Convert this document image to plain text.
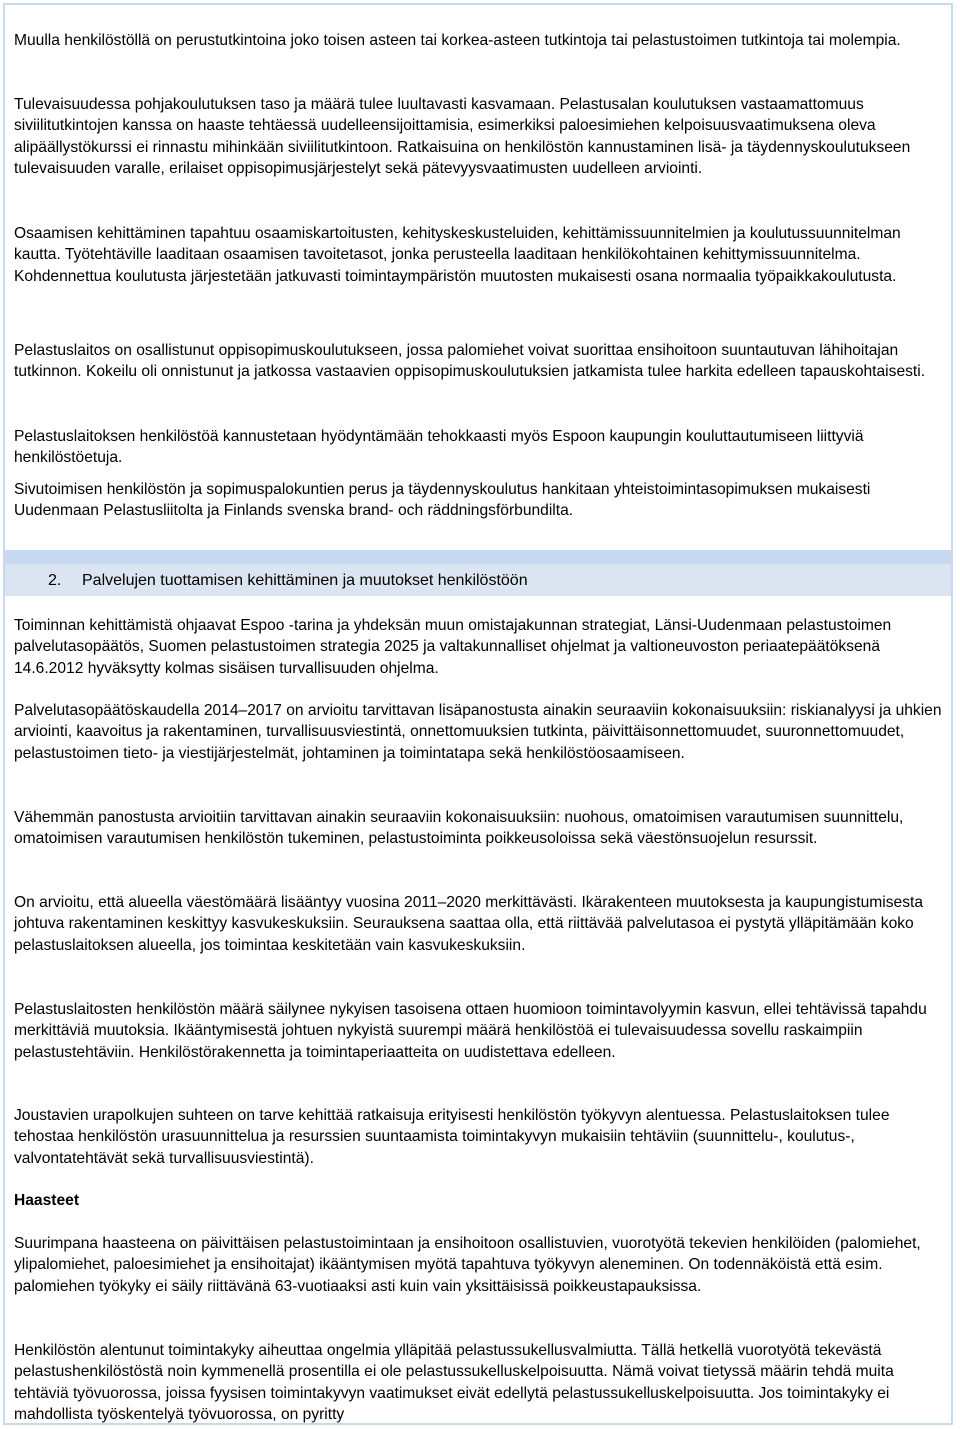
Muulla henkilöstöllä on perustutkintoina joko toisen asteen tai korkea-asteen tutkintoja tai pelastustoimen tutkintoja tai molempia.

Tulevaisuudessa pohjakoulutuksen taso ja määrä tulee luultavasti kasvamaan. Pelastusalan koulutuksen vastaamattomuus siviilitutkintojen kanssa on haaste tehtäessä uudelleensijoittamisia, esimerkiksi paloesimiehen kelpoisuusvaatimuksena oleva alipäällystökurssi ei rinnastu mihinkään siviilitutkintoon. Ratkaisuina on henkilöstön kannustaminen lisä- ja täydennyskoulutukseen tulevaisuuden varalle, erilaiset oppisopimusjärjestelyt sekä pätevyysvaatimusten uudelleen arviointi.

Osaamisen kehittäminen tapahtuu osaamiskartoitusten, kehityskeskusteluiden, kehittämissuunnitelmien ja koulutussuunnitelman kautta. Työtehtäville laaditaan osaamisen tavoitetasot, jonka perusteella laaditaan henkilökohtainen kehittymissuunnitelma. Kohdennettua koulutusta järjestetään jatkuvasti toimintaympäristön muutosten mukaisesti osana normaalia työpaikkakoulutusta.

Pelastuslaitos on osallistunut oppisopimuskoulutukseen, jossa palomiehet voivat suorittaa ensihoitoon suuntautuvan lähihoitajan tutkinnon. Kokeilu oli onnistunut ja jatkossa vastaavien oppisopimuskoulutuksien jatkamista tulee harkita edelleen tapauskohtaisesti.

Pelastuslaitoksen henkilöstöä kannustetaan hyödyntämään tehokkaasti myös Espoon kaupungin kouluttautumiseen liittyviä henkilöstöetuja.

Sivutoimisen henkilöstön ja sopimuspalokuntien perus ja täydennyskoulutus hankitaan yhteistoimintasopimuksen mukaisesti Uudenmaan Pelastusliitolta ja Finlands svenska brand- och räddningsförbundilta.

2. Palvelujen tuottamisen kehittäminen ja muutokset henkilöstöön

Toiminnan kehittämistä ohjaavat Espoo -tarina ja yhdeksän muun omistajakunnan strategiat, Länsi-Uudenmaan pelastustoimen palvelutasopäätös, Suomen pelastustoimen strategia 2025 ja valtakunnalliset ohjelmat ja valtioneuvoston periaatepäätöksenä 14.6.2012 hyväksytty kolmas sisäisen turvallisuuden ohjelma.

Palvelutasopäätöskaudella 2014–2017 on arvioitu tarvittavan lisäpanostusta ainakin seuraaviin kokonaisuuksiin: riskianalyysi ja uhkien arviointi, kaavoitus ja rakentaminen, turvallisuusviestintä, onnettomuuksien tutkinta, päivittäisonnettomuudet, suuronnettomuudet, pelastustoimen tieto- ja viestijärjestelmät, johtaminen ja toimintatapa sekä henkilöstöosaamiseen.

Vähemmän panostusta arvioitiin tarvittavan ainakin seuraaviin kokonaisuuksiin: nuohous, omatoimisen varautumisen suunnittelu, omatoimisen varautumisen henkilöstön tukeminen, pelastustoiminta poikkeusoloissa sekä väestönsuojelun resurssit.

On arvioitu, että alueella väestömäärä lisääntyy vuosina 2011–2020 merkittävästi. Ikärakenteen muutoksesta ja kaupungistumisesta johtuva rakentaminen keskittyy kasvukeskuksiin. Seurauksena saattaa olla, että riittävää palvelutasoa ei pystytä ylläpitämään koko pelastuslaitoksen alueella, jos toimintaa keskitetään vain kasvukeskuksiin.

Pelastuslaitosten henkilöstön määrä säilynee nykyisen tasoisena ottaen huomioon toimintavolyymin kasvun, ellei tehtävissä tapahdu merkittäviä muutoksia. Ikääntymisestä johtuen nykyistä suurempi määrä henkilöstöä ei tulevaisuudessa sovellu raskaimpiin pelastustehtäviin. Henkilöstörakennetta ja toimintaperiaatteita on uudistettava edelleen.

Joustavien urapolkujen suhteen on tarve kehittää ratkaisuja erityisesti henkilöstön työkyvyn alentuessa. Pelastuslaitoksen tulee tehostaa henkilöstön urasuunnittelua ja resurssien suuntaamista toimintakyvyn mukaisiin tehtäviin (suunnittelu-, koulutus-, valvontatehtävät sekä turvallisuusviestintä).

Haasteet

Suurimpana haasteena on päivittäisen pelastustoimintaan ja ensihoitoon osallistuvien, vuorotyötä tekevien henkilöiden (palomiehet, ylipalomiehet, paloesimiehet ja ensihoitajat) ikääntymisen myötä tapahtuva työkyvyn aleneminen. On todennäköistä että esim. palomiehen työkyky ei säily riittävänä 63-vuotiaaksi asti kuin vain yksittäisissä poikkeustapauksissa.

Henkilöstön alentunut toimintakyky aiheuttaa ongelmia ylläpitää pelastussukellusvalmiutta. Tällä hetkellä vuorotyötä tekevästä pelastushenkilöstöstä noin kymmenellä prosentilla ei ole pelastussukelluskelpoisuutta. Nämä voivat tietyssä määrin tehdä muita tehtäviä työvuorossa, joissa fyysisen toimintakyvyn vaatimukset eivät edellytä pelastussukelluskelpoisuutta. Jos toimintakyky ei mahdollista työskentelyä työvuorossa, on pyritty
